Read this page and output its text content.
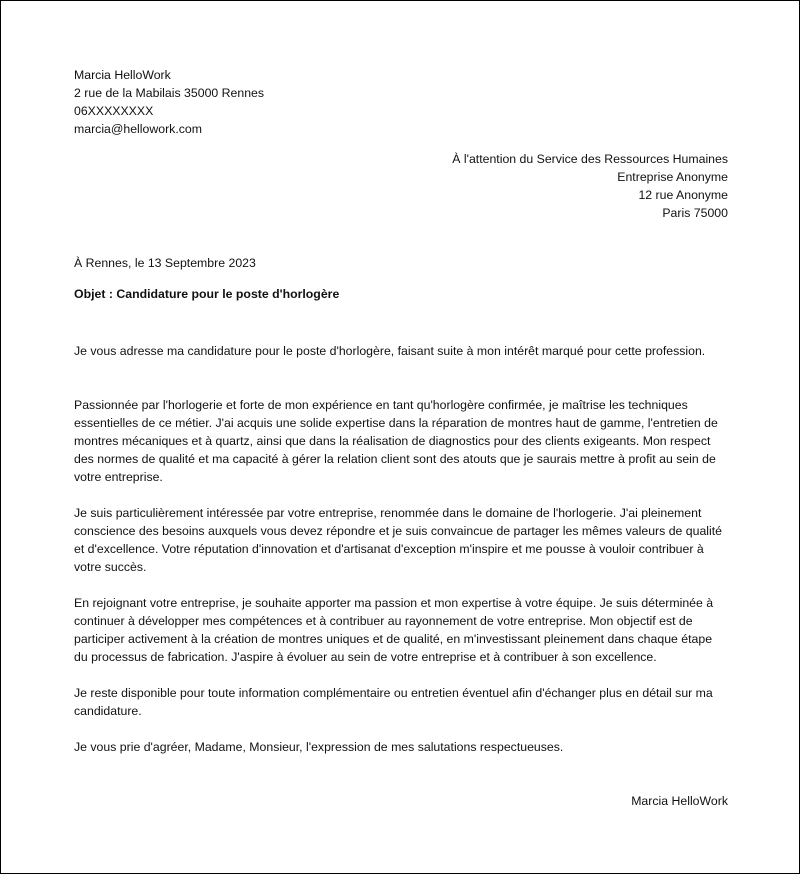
Marcia HelloWork
2 rue de la Mabilais 35000 Rennes
06XXXXXXXX
marcia@hellowork.com
À l'attention du Service des Ressources Humaines
Entreprise Anonyme
12 rue Anonyme
Paris 75000
À Rennes, le 13 Septembre 2023
Objet : Candidature pour le poste d'horlogère

Je vous adresse ma candidature pour le poste d'horlogère, faisant suite à mon intérêt marqué pour cette profession.

Passionnée par l'horlogerie et forte de mon expérience en tant qu'horlogère confirmée, je maîtrise les techniques essentielles de ce métier. J'ai acquis une solide expertise dans la réparation de montres haut de gamme, l'entretien de montres mécaniques et à quartz, ainsi que dans la réalisation de diagnostics pour des clients exigeants. Mon respect des normes de qualité et ma capacité à gérer la relation client sont des atouts que je saurais mettre à profit au sein de votre entreprise.

Je suis particulièrement intéressée par votre entreprise, renommée dans le domaine de l'horlogerie. J'ai pleinement conscience des besoins auxquels vous devez répondre et je suis convaincue de partager les mêmes valeurs de qualité et d'excellence. Votre réputation d'innovation et d'artisanat d'exception m'inspire et me pousse à vouloir contribuer à votre succès.

En rejoignant votre entreprise, je souhaite apporter ma passion et mon expertise à votre équipe. Je suis déterminée à continuer à développer mes compétences et à contribuer au rayonnement de votre entreprise. Mon objectif est de participer activement à la création de montres uniques et de qualité, en m'investissant pleinement dans chaque étape du processus de fabrication. J'aspire à évoluer au sein de votre entreprise et à contribuer à son excellence.

Je reste disponible pour toute information complémentaire ou entretien éventuel afin d'échanger plus en détail sur ma candidature.

Je vous prie d'agréer, Madame, Monsieur, l'expression de mes salutations respectueuses.

Marcia HelloWork
